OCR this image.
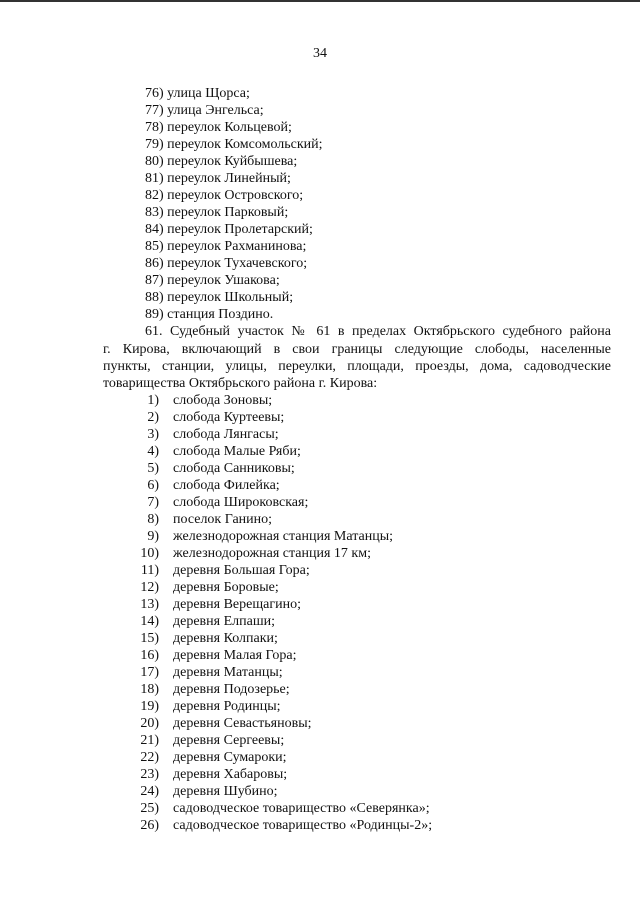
34
76) улица Щорса;
77) улица Энгельса;
78) переулок Кольцевой;
79) переулок Комсомольский;
80) переулок Куйбышева;
81) переулок Линейный;
82) переулок Островского;
83) переулок Парковый;
84) переулок Пролетарский;
85) переулок Рахманинова;
86) переулок Тухачевского;
87) переулок Ушакова;
88) переулок Школьный;
89) станция Поздино.
61. Судебный участок № 61 в пределах Октябрьского судебного района
г. Кирова, включающий в свои границы следующие слободы, населенные
пункты, станции, улицы, переулки, площади, проезды, дома, садоводческие
товарищества Октябрьского района г. Кирова:
1) слобода Зоновы;
2) слобода Куртеевы;
3) слобода Лянгасы;
4) слобода Малые Ряби;
5) слобода Санниковы;
6) слобода Филейка;
7) слобода Широковская;
8) поселок Ганино;
9) железнодорожная станция Матанцы;
10) железнодорожная станция 17 км;
11) деревня Большая Гора;
12) деревня Боровые;
13) деревня Верещагино;
14) деревня Елпаши;
15) деревня Колпаки;
16) деревня Малая Гора;
17) деревня Матанцы;
18) деревня Подозерье;
19) деревня Родинцы;
20) деревня Севастьяновы;
21) деревня Сергеевы;
22) деревня Сумароки;
23) деревня Хабаровы;
24) деревня Шубино;
25) садоводческое товарищество «Северянка»;
26) садоводческое товарищество «Родинцы-2»;
